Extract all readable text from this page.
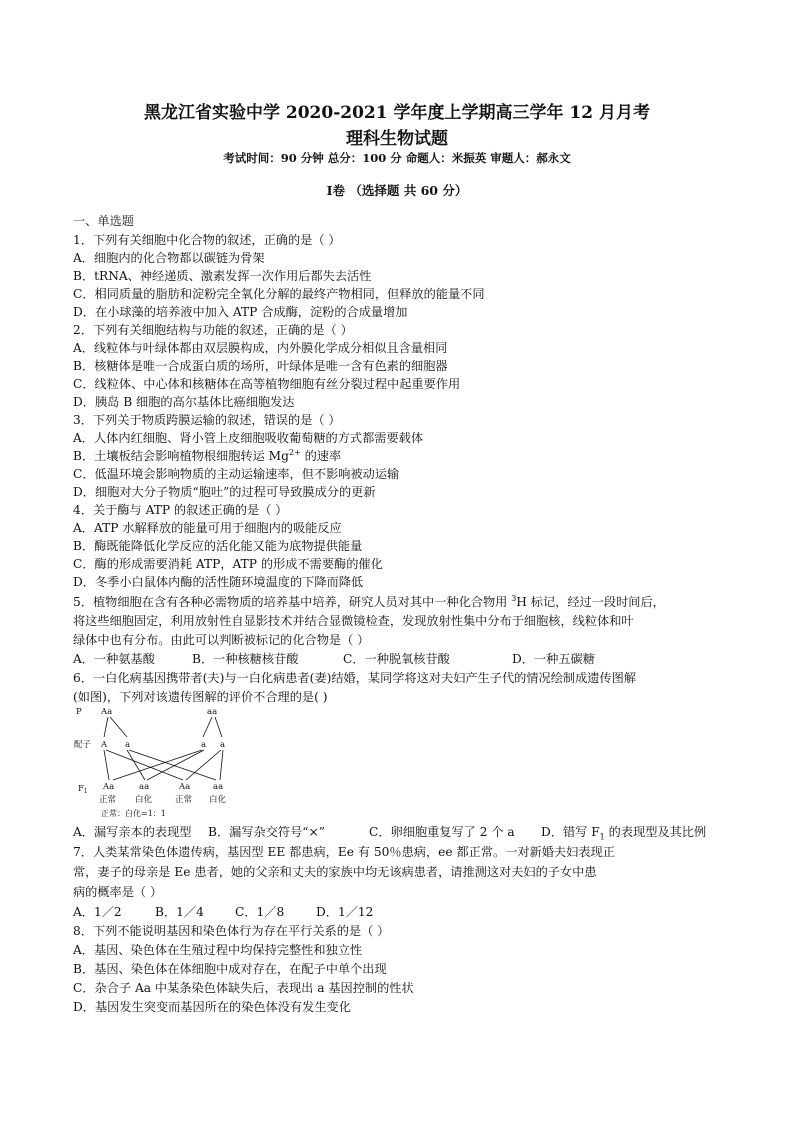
黑龙江省实验中学 2020-2021 学年度上学期高三学年 12 月月考
理科生物试题
考试时间：90 分钟 总分：100 分 命题人：米振英 审题人：郝永文
Ⅰ卷 （选择题 共 60 分）
一、单选题
1．下列有关细胞中化合物的叙述，正确的是（ ）
A．细胞内的化合物都以碳链为骨架
B．tRNA、神经递质、激素发挥一次作用后都失去活性
C．相同质量的脂肪和淀粉完全氧化分解的最终产物相同，但释放的能量不同
D．在小球藻的培养液中加入 ATP 合成酶，淀粉的合成量增加
2．下列有关细胞结构与功能的叙述，正确的是（ ）
A．线粒体与叶绿体都由双层膜构成，内外膜化学成分相似且含量相同
B．核糖体是唯一合成蛋白质的场所，叶绿体是唯一含有色素的细胞器
C．线粒体、中心体和核糖体在高等植物细胞有丝分裂过程中起重要作用
D．胰岛 B 细胞的高尔基体比癌细胞发达
3．下列关于物质跨膜运输的叙述，错误的是（ ）
A．人体内红细胞、肾小管上皮细胞吸收葡萄糖的方式都需要载体
B．土壤板结会影响植物根细胞转运 $Mg^{2+}$ 的速率
C．低温环境会影响物质的主动运输速率，但不影响被动运输
D．细胞对大分子物质“胞吐”的过程可导致膜成分的更新
4．关于酶与 ATP 的叙述正确的是（ ）
A．ATP 水解释放的能量可用于细胞内的吸能反应
B．酶既能降低化学反应的活化能又能为底物提供能量
C．酶的形成需要消耗 ATP，ATP 的形成不需要酶的催化
D．冬季小白鼠体内酶的活性随环境温度的下降而降低
5．植物细胞在含有各种必需物质的培养基中培养，研究人员对其中一种化合物用 $^3$H 标记，经过一段时间后，
将这些细胞固定，利用放射性自显影技术并结合显微镜检查，发现放射性集中分布于细胞核，线粒体和叶
绿体中也有分布。由此可以判断被标记的化合物是（ ）
A．一种氨基酸	B．一种核糖核苷酸	C．一种脱氧核苷酸	D．一种五碳糖
6．一白化病基因携带者(夫)与一白化病患者(妻)结婚，某同学将这对夫妇产生子代的情况绘制成遗传图解
(如图)，下列对该遗传图解的评价不合理的是( )
P Aa	aa
配子 A a	a a
$F_1$ Aa	aa	Aa	aa
正常 白化	正常 白化
正常：白化=1：1
A．漏写亲本的表现型 B．漏写杂交符号“×”	C．卵细胞重复写了 2 个 a D．错写 $F_1$ 的表现型及其比例
7．人类某常染色体遗传病，基因型 EE 都患病，Ee 有 50％患病，ee 都正常。一对新婚夫妇表现正
常，妻子的母亲是 Ee 患者，她的父亲和丈夫的家族中均无该病患者，请推测这对夫妇的子女中患
病的概率是（ ）
A．1／2	B．1／4	C．1／8	D．1／12
8．下列不能说明基因和染色体行为存在平行关系的是（ ）
A．基因、染色体在生殖过程中均保持完整性和独立性
B．基因、染色体在体细胞中成对存在，在配子中单个出现
C．杂合子 Aa 中某条染色体缺失后，表现出 a 基因控制的性状
D．基因发生突变而基因所在的染色体没有发生变化
